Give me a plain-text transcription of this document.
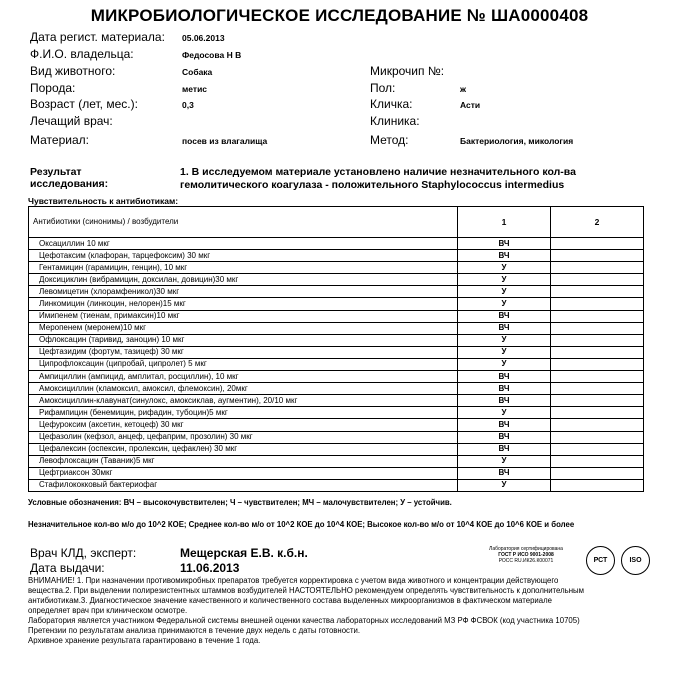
МИКРОБИОЛОГИЧЕСКОЕ ИССЛЕДОВАНИЕ № ША0000408
Дата регист. материала: 05.06.2013
Ф.И.О. владельца:	Федосова Н В
Вид животного:	Собака
Порода:	метис
Возраст (лет, мес.):	0,3
Лечащий врач:
Материал:	посев из влагалища
Микрочип №:
Пол:	ж
Кличка:	Асти
Клиника:
Метод:	Бактериология, микология
Результат
исследования:
1. В исследуемом материале установлено наличие незначительного кол-ва
гемолитического коагулаза - положительного Staphylococcus intermedius
Чувствительность к антибиотикам:
Антибиотики (синонимы) / возбудители	1	2
Оксациллин 10 мкг	ВЧ	
Цефотаксим (клафоран, тарцефоксим) 30 мкг	ВЧ	
Гентамицин (гарамицин, генцин), 10 мкг	У	
Доксициклин (вибрамицин, доксилан, довицин)30 мкг	У	
Левомицетин (хлорамфеникол)30 мкг	У	
Линкомицин (линкоцин, нелорен)15 мкг	У	
Имипенем (тиенам, примаксин)10 мкг	ВЧ	
Меропенем (меронем)10 мкг	ВЧ	
Офлоксацин (таривид, заноцин) 10 мкг	У	
Цефтазидим (фортум, тазицеф) 30 мкг	У	
Ципрофлоксацин (ципробай, ципролет) 5 мкг	У	
Ампициллин (ампицид, амплитал, росциллин), 10 мкг	ВЧ	
Амоксициллин (кламоксил, амоксил, флемоксин), 20мкг	ВЧ	
Амоксициллин-клавунат(синулокс, амоксиклав, аугментин), 20/10 мкг	ВЧ	
Рифампицин (бенемицин, рифадин, тубоцин)5 мкг	У	
Цефуроксим (аксетин, кетоцеф) 30 мкг	ВЧ	
Цефазолин (кефзол, анцеф, цефаприм, прозолин) 30 мкг	ВЧ	
Цефалексин (оспексин, пролексин, цефаклен) 30 мкг	ВЧ	
Левофлоксацин (Таваник)5 мкг	У	
Цефтриаксон 30мкг	ВЧ	
Стафилококковый бактериофаг	У	
Условные обозначения: ВЧ – высокочувствителен; Ч – чувствителен; МЧ – малочувствителен; У – устойчив.
Незначительное кол-во м/о до 10^2 КОЕ; Среднее кол-во м/о от 10^2 КОЕ до 10^4 КОЕ; Высокое кол-во м/о от 10^4 КОЕ до 10^6 КОЕ и более
Врач КЛД, эксперт:	Мещерская Е.В. к.б.н.
Дата выдачи:	11.06.2013
Лаборатория сертифицирована
ГОСТ Р ИСО 9001-2008
РОСС RU.ИК26.К00071	РСТ	ISO
ВНИМАНИЕ! 1. При назначении противомикробных препаратов требуется корректировка с учетом вида животного и концентрации действующего
вещества.2. При выделении полирезистентных штаммов возбудителей НАСТОЯТЕЛЬНО рекомендуем определять чувствительность к дополнительным
антибиотикам.3. Диагностическое значение качественного и количественного состава выделенных микроорганизмов в фактическом материале
определяет врач при клиническом осмотре.
Лаборатория является участником Федеральной системы внешней оценки качества лабораторных исследований МЗ РФ ФСВОК (код участника 10705)
Претензии по результатам анализа принимаются в течение двух недель с даты готовности.
Архивное хранение результата гарантировано в течение 1 года.
